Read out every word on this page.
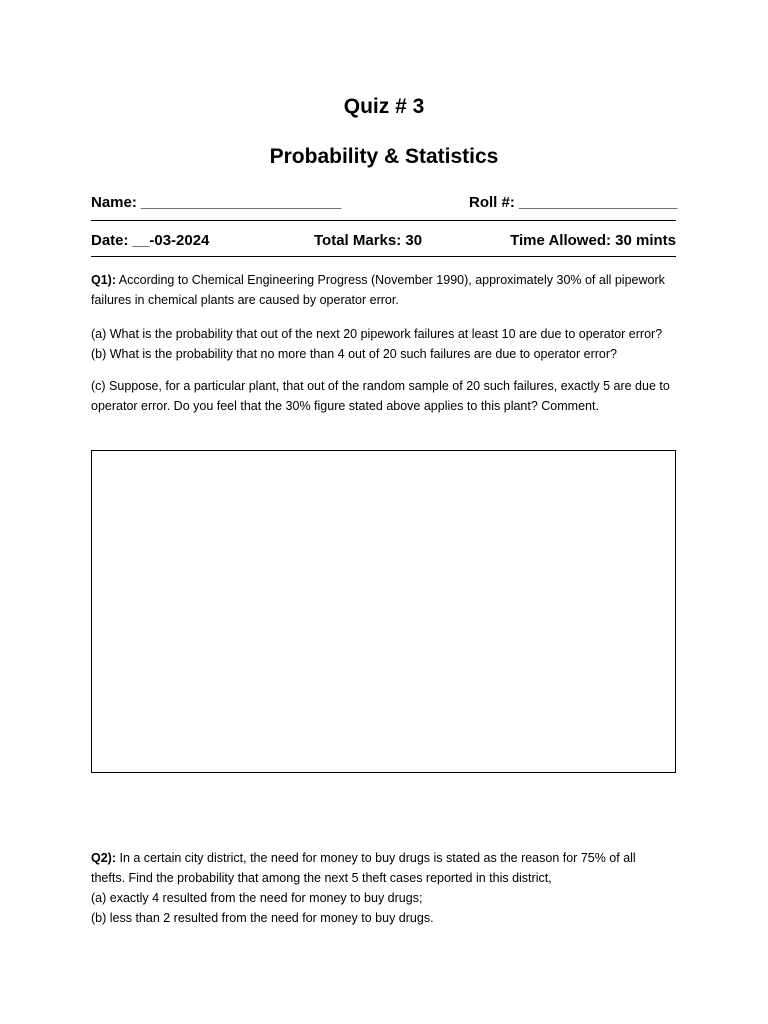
Quiz # 3
Probability & Statistics
Name: ________________________	Roll #: ___________________
Date: __-03-2024	Total Marks: 30	Time Allowed: 30 mints
Q1): According to Chemical Engineering Progress (November 1990), approximately 30% of all pipework
failures in chemical plants are caused by operator error.
(a) What is the probability that out of the next 20 pipework failures at least 10 are due to operator error?
(b) What is the probability that no more than 4 out of 20 such failures are due to operator error?
(c) Suppose, for a particular plant, that out of the random sample of 20 such failures, exactly 5 are due to
operator error. Do you feel that the 30% figure stated above applies to this plant? Comment.
Q2): In a certain city district, the need for money to buy drugs is stated as the reason for 75% of all
thefts. Find the probability that among the next 5 theft cases reported in this district,
(a) exactly 4 resulted from the need for money to buy drugs;
(b) less than 2 resulted from the need for money to buy drugs.
